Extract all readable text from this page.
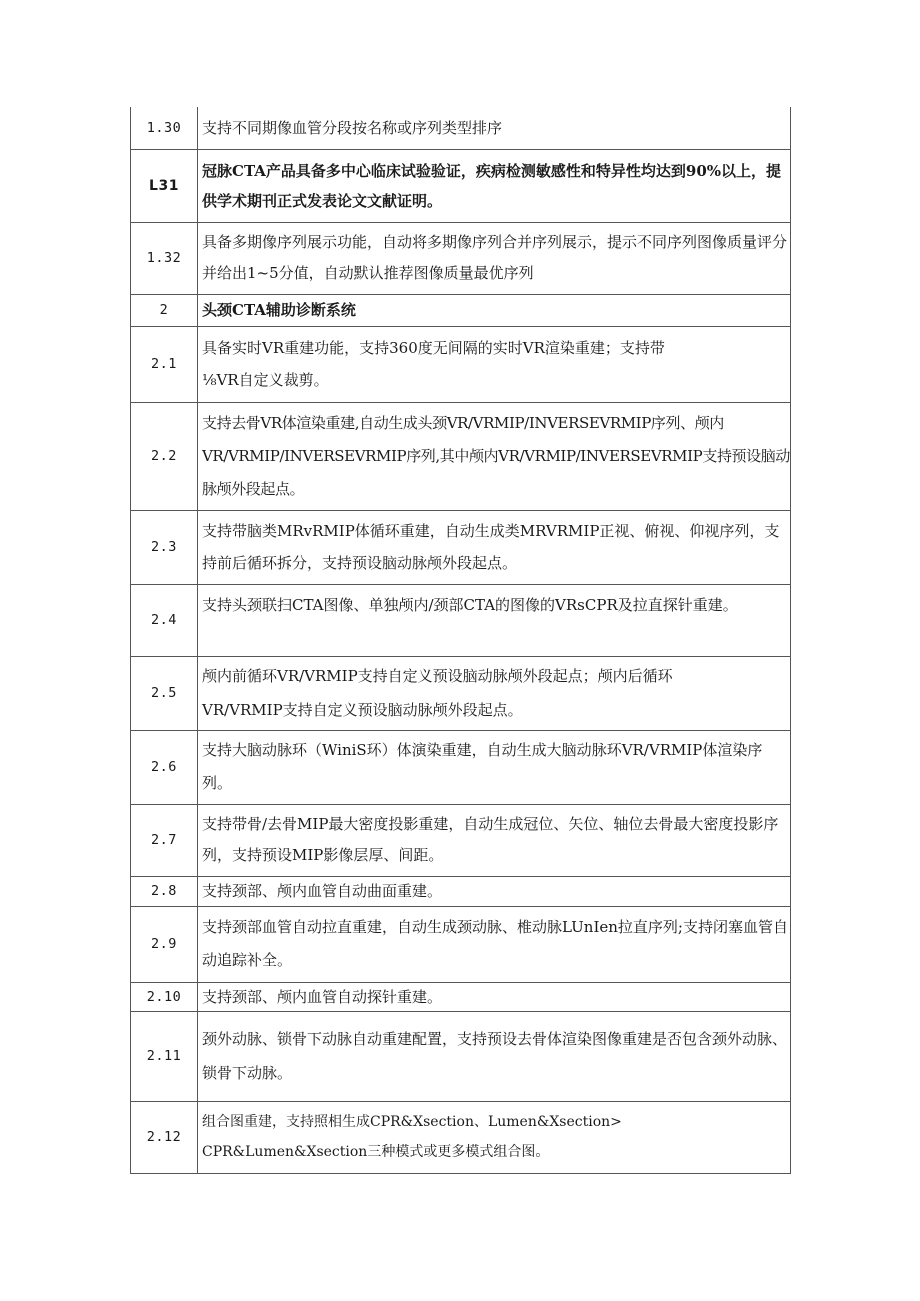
1.30	支持不同期像血管分段按名称或序列类型排序

L31	冠脉CTA产品具备多中心临床试验验证，疾病检测敏感性和特异性均达到90%以上，提供学术期刊正式发表论文文献证明。

1.32	具备多期像序列展示功能，自动将多期像序列合并序列展示，提示不同序列图像质量评分并给出1~5分值，自动默认推荐图像质量最优序列

2	头颈CTA辅助诊断系统

2.1	具备实时VR重建功能，支持360度无间隔的实时VR渲染重建；支持带
⅛VR自定义裁剪。

2.2	支持去骨VR体渲染重建,自动生成头颈VR/VRMIP/INVERSEVRMIP序列、颅内VR/VRMIP/INVERSEVRMIP序列,其中颅内VR/VRMIP/INVERSEVRMIP支持预设脑动脉颅外段起点。

2.3	支持带脑类MRvRMIP体循环重建，自动生成类MRVRMIP正视、俯视、仰视序列，支持前后循环拆分，支持预设脑动脉颅外段起点。

2.4	支持头颈联扫CTA图像、单独颅内/颈部CTA的图像的VRsCPR及拉直探针重建。

2.5	颅内前循环VR/VRMIP支持自定义预设脑动脉颅外段起点；颅内后循环
VR/VRMIP支持自定义预设脑动脉颅外段起点。

2.6	支持大脑动脉环（WiniS环）体演染重建，自动生成大脑动脉环VR/VRMIP体渲染序列。

2.7	支持带骨/去骨MIP最大密度投影重建，自动生成冠位、矢位、轴位去骨最大密度投影序列，支持预设MIP影像层厚、间距。

2.8	支持颈部、颅内血管自动曲面重建。

2.9	支持颈部血管自动拉直重建，自动生成颈动脉、椎动脉LUnIen拉直序列;支持闭塞血管自动追踪补全。

2.10	支持颈部、颅内血管自动探针重建。

2.11	颈外动脉、锁骨下动脉自动重建配置，支持预设去骨体渲染图像重建是否包含颈外动脉、锁骨下动脉。

2.12	组合图重建，支持照相生成CPR&Xsection、Lumen&Xsection>
CPR&Lumen&Xsection三种模式或更多模式组合图。
